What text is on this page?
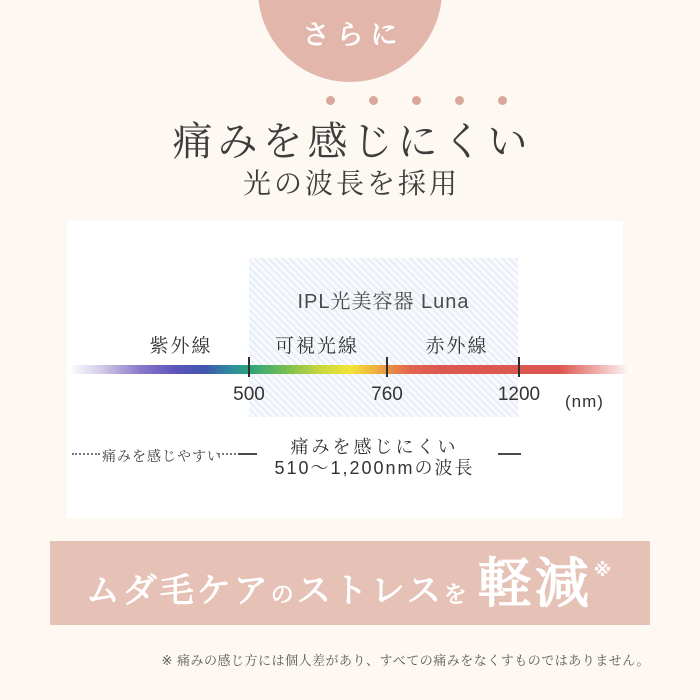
さらに
痛みを感じにくい
光の波長を採用
IPL光美容器 Luna
紫外線	可視光線	赤外線
500	760	1200	(nm)
痛みを感じやすい	痛みを感じにくい
510〜1,200nmの波長
ムダ毛ケア の ストレス を 軽減 ※
※ 痛みの感じ方には個人差があり、すべての痛みをなくすものではありません。
